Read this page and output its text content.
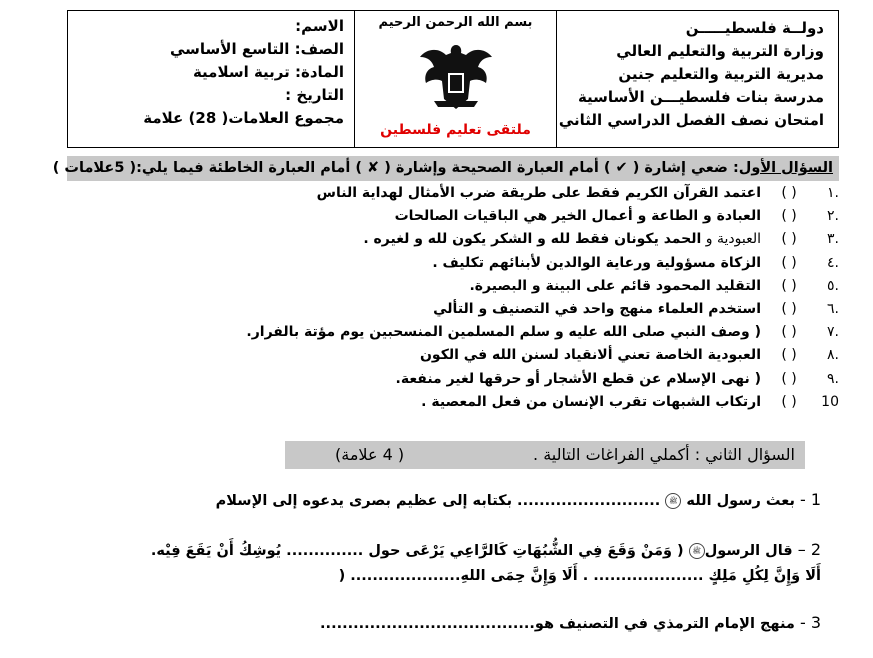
دولــة فلسطيـــــن
وزارة التربية والتعليم العالي
مديرية التربية والتعليم جنين
مدرسة بنات فلسطيـــن الأساسية
امتحان نصف الفصل الدراسي الثاني
بسم الله الرحمن الرحيم
ملتقى تعليم فلسطين
الاسم:
الصف: التاسع الأساسي
المادة: تربية اسلامية
التاريخ :
مجموع العلامات( 28) علامة
السؤال الأول: ضعي إشارة ( ✔ ) أمام العبارة الصحيحة وإشارة ( ✘ ) أمام العبارة الخاطئة فيما يلي:( 5علامات )
.١
( )
اعتمد القرآن الكريم فقط على طريقة ضرب الأمثال لهداية الناس
.٢
( )
العبادة و الطاعة و أعمال الخير هي الباقيات الصالحات
.٣
( )
العبودية و الحمد يكونان فقط لله و الشكر يكون لله و لغيره .
.٤
( )
الزكاة مسؤولية ورعاية الوالدين لأبنائهم تكليف .
.٥
( )
التقليد المحمود قائم على البينة و البصيرة.
.٦
( )
استخدم العلماء منهج واحد في التصنيف و التألي
.٧
( )
( وصف النبي صلى الله عليه و سلم المسلمين المنسحبين يوم مؤتة بالفرار.
.٨
( )
العبودية الخاصة تعني ألانقياد لسنن الله في الكون
.٩
( )
( نهى الإسلام عن قطع الأشجار أو حرقها لغير منفعة.
10
( )
ارتكاب الشبهات تقرب الإنسان من فعل المعصية .
السؤال الثاني : أكملي الفراغات التالية .
( 4 علامة)
1 - بعث رسول الله ﷺ .......................... بكتابه إلى عظيم بصرى يدعوه إلى الإسلام
2 – قال الرسولﷺ ( وَمَنْ وَقَعَ فِي الشُّبُهَاتِ كَالرَّاعِي يَرْعَى حول .............. يُوشِكُ أَنْ يَقَعَ فِيْه.
أَلَا وَإِنَّ لِكُلِ مَلِكٍ .................... . أَلَا وَإِنَّ حِمَى اللهِ.................... (
3 - منهج الإمام الترمذي في التصنيف هو.......................................
